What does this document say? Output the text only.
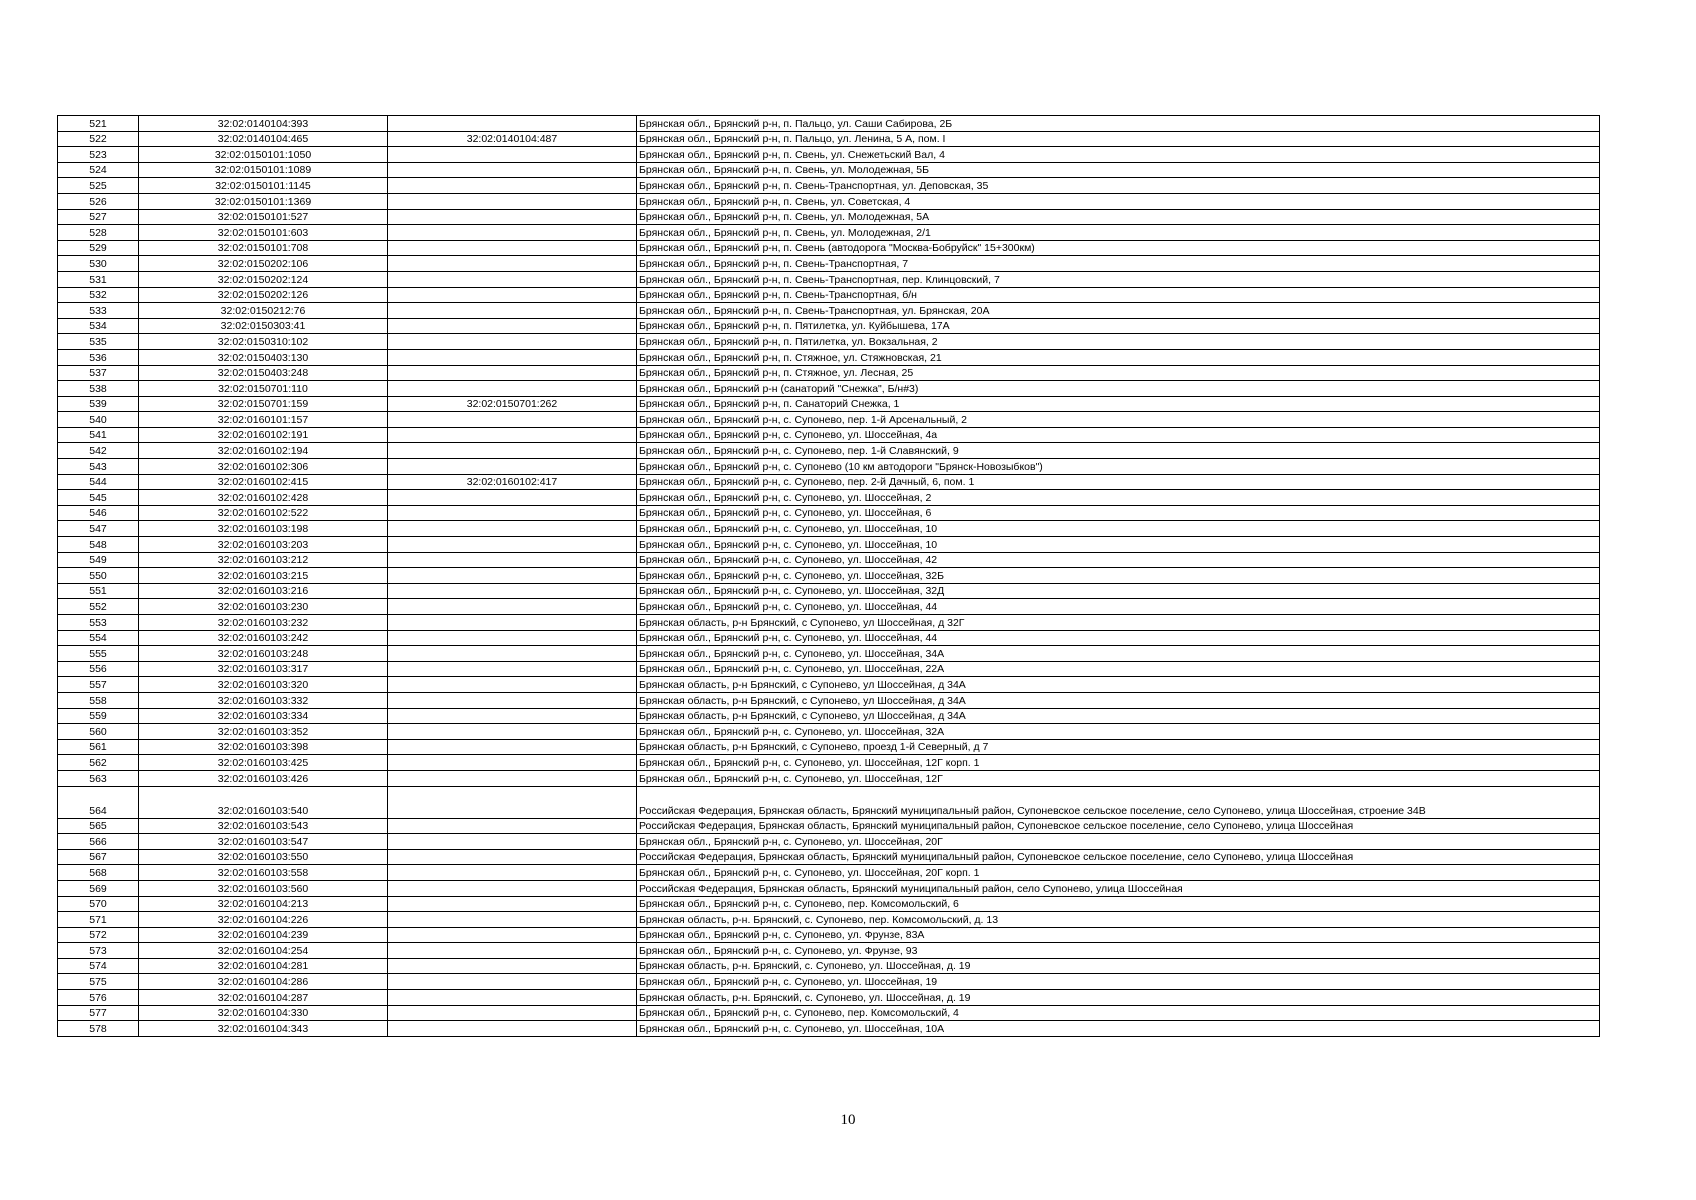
521	32:02:0140104:393		Брянская обл., Брянский р-н, п. Пальцо, ул. Саши Сабирова, 2Б
522	32:02:0140104:465	32:02:0140104:487	Брянская обл., Брянский р-н, п. Пальцо, ул. Ленина, 5 А, пом. I
523	32:02:0150101:1050		Брянская обл., Брянский р-н, п. Свень, ул. Снежетьский Вал, 4
524	32:02:0150101:1089		Брянская обл., Брянский р-н, п. Свень, ул. Молодежная, 5Б
525	32:02:0150101:1145		Брянская обл., Брянский р-н, п. Свень-Транспортная, ул. Деповская, 35
526	32:02:0150101:1369		Брянская обл., Брянский р-н, п. Свень, ул. Советская, 4
527	32:02:0150101:527		Брянская обл., Брянский р-н, п. Свень, ул. Молодежная, 5А
528	32:02:0150101:603		Брянская обл., Брянский р-н, п. Свень, ул. Молодежная, 2/1
529	32:02:0150101:708		Брянская обл., Брянский р-н, п. Свень (автодорога "Москва-Бобруйск" 15+300км)
530	32:02:0150202:106		Брянская обл., Брянский р-н, п. Свень-Транспортная, 7
531	32:02:0150202:124		Брянская обл., Брянский р-н, п. Свень-Транспортная, пер. Клинцовский, 7
532	32:02:0150202:126		Брянская обл., Брянский р-н, п. Свень-Транспортная, б/н
533	32:02:0150212:76		Брянская обл., Брянский р-н, п. Свень-Транспортная, ул. Брянская, 20А
534	32:02:0150303:41		Брянская обл., Брянский р-н, п. Пятилетка, ул. Куйбышева, 17А
535	32:02:0150310:102		Брянская обл., Брянский р-н, п. Пятилетка, ул. Вокзальная, 2
536	32:02:0150403:130		Брянская обл., Брянский р-н, п. Стяжное, ул. Стяжновская, 21
537	32:02:0150403:248		Брянская обл., Брянский р-н, п. Стяжное, ул. Лесная, 25
538	32:02:0150701:110		Брянская обл., Брянский р-н (санаторий "Снежка", Б/н#3)
539	32:02:0150701:159	32:02:0150701:262	Брянская обл., Брянский р-н, п. Санаторий Снежка, 1
540	32:02:0160101:157		Брянская обл., Брянский р-н, с. Супонево, пер. 1-й Арсенальный, 2
541	32:02:0160102:191		Брянская обл., Брянский р-н, с. Супонево, ул. Шоссейная, 4а
542	32:02:0160102:194		Брянская обл., Брянский р-н, с. Супонево, пер. 1-й Славянский, 9
543	32:02:0160102:306		Брянская обл., Брянский р-н, с. Супонево (10 км автодороги "Брянск-Новозыбков")
544	32:02:0160102:415	32:02:0160102:417	Брянская обл., Брянский р-н, с. Супонево, пер. 2-й Дачный, 6, пом. 1
545	32:02:0160102:428		Брянская обл., Брянский р-н, с. Супонево, ул. Шоссейная, 2
546	32:02:0160102:522		Брянская обл., Брянский р-н, с. Супонево, ул. Шоссейная, 6
547	32:02:0160103:198		Брянская обл., Брянский р-н, с. Супонево, ул. Шоссейная, 10
548	32:02:0160103:203		Брянская обл., Брянский р-н, с. Супонево, ул. Шоссейная, 10
549	32:02:0160103:212		Брянская обл., Брянский р-н, с. Супонево, ул. Шоссейная, 42
550	32:02:0160103:215		Брянская обл., Брянский р-н, с. Супонево, ул. Шоссейная, 32Б
551	32:02:0160103:216		Брянская обл., Брянский р-н, с. Супонево, ул. Шоссейная, 32Д
552	32:02:0160103:230		Брянская обл., Брянский р-н, с. Супонево, ул. Шоссейная, 44
553	32:02:0160103:232		Брянская область, р-н Брянский, с Супонево, ул Шоссейная, д 32Г
554	32:02:0160103:242		Брянская обл., Брянский р-н, с. Супонево, ул. Шоссейная, 44
555	32:02:0160103:248		Брянская обл., Брянский р-н, с. Супонево, ул. Шоссейная, 34А
556	32:02:0160103:317		Брянская обл., Брянский р-н, с. Супонево, ул. Шоссейная, 22А
557	32:02:0160103:320		Брянская область, р-н Брянский, с Супонево, ул Шоссейная, д 34А
558	32:02:0160103:332		Брянская область, р-н Брянский, с Супонево, ул Шоссейная, д 34А
559	32:02:0160103:334		Брянская область, р-н Брянский, с Супонево, ул Шоссейная, д 34А
560	32:02:0160103:352		Брянская обл., Брянский р-н, с. Супонево, ул. Шоссейная, 32А
561	32:02:0160103:398		Брянская область, р-н Брянский, с Супонево, проезд 1-й Северный, д 7
562	32:02:0160103:425		Брянская обл., Брянский р-н, с. Супонево, ул. Шоссейная, 12Г корп. 1
563	32:02:0160103:426		Брянская обл., Брянский р-н, с. Супонево, ул. Шоссейная, 12Г
564	32:02:0160103:540		Российская Федерация, Брянская область, Брянский муниципальный район, Супоневское сельское поселение, село Супонево, улица Шоссейная, строение 34В
565	32:02:0160103:543		Российская Федерация, Брянская область, Брянский муниципальный район, Супоневское сельское поселение, село Супонево, улица Шоссейная
566	32:02:0160103:547		Брянская обл., Брянский р-н, с. Супонево, ул. Шоссейная, 20Г
567	32:02:0160103:550		Российская Федерация, Брянская область, Брянский муниципальный район, Супоневское сельское поселение, село Супонево, улица Шоссейная
568	32:02:0160103:558		Брянская обл., Брянский р-н, с. Супонево, ул. Шоссейная, 20Г корп. 1
569	32:02:0160103:560		Российская Федерация, Брянская область, Брянский муниципальный район, село Супонево, улица Шоссейная
570	32:02:0160104:213		Брянская обл., Брянский р-н, с. Супонево, пер. Комсомольский, 6
571	32:02:0160104:226		Брянская область, р-н. Брянский, с. Супонево, пер. Комсомольский, д. 13
572	32:02:0160104:239		Брянская обл., Брянский р-н, с. Супонево, ул. Фрунзе, 83А
573	32:02:0160104:254		Брянская обл., Брянский р-н, с. Супонево, ул. Фрунзе, 93
574	32:02:0160104:281		Брянская область, р-н. Брянский, с. Супонево, ул. Шоссейная, д. 19
575	32:02:0160104:286		Брянская обл., Брянский р-н, с. Супонево, ул. Шоссейная, 19
576	32:02:0160104:287		Брянская область, р-н. Брянский, с. Супонево, ул. Шоссейная, д. 19
577	32:02:0160104:330		Брянская обл., Брянский р-н, с. Супонево, пер. Комсомольский, 4
578	32:02:0160104:343		Брянская обл., Брянский р-н, с. Супонево, ул. Шоссейная, 10А
10
